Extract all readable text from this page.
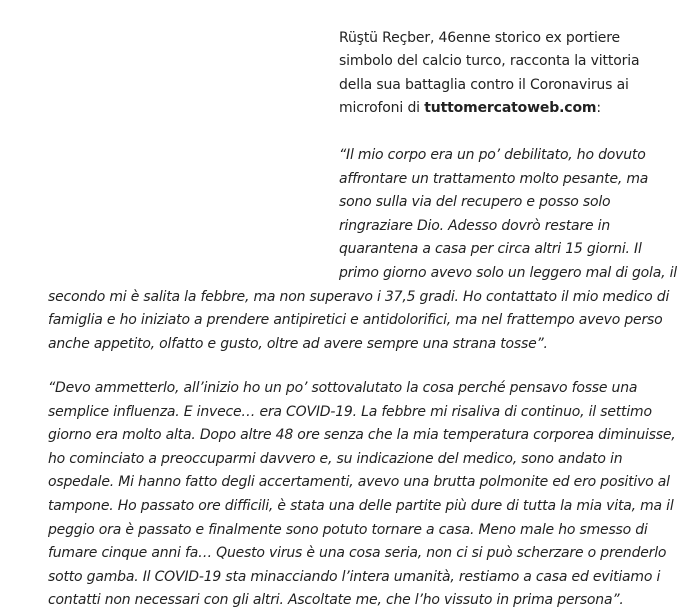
Rüştü Reçber, 46enne storico ex portiere simbolo del calcio turco, racconta la vittoria della sua battaglia contro il Coronavirus ai microfoni di tuttomercatoweb.com:

“Il mio corpo era un po’ debilitato, ho dovuto affrontare un trattamento molto pesante, ma sono sulla via del recupero e posso solo ringraziare Dio. Adesso dovrò restare in quarantena a casa per circa altri 15 giorni. Il primo giorno avevo solo un leggero mal di gola, il secondo mi è salita la febbre, ma non superavo i 37,5 gradi. Ho contattato il mio medico di famiglia e ho iniziato a prendere antipiretici e antidolorifici, ma nel frattempo avevo perso anche appetito, olfatto e gusto, oltre ad avere sempre una strana tosse”.

“Devo ammetterlo, all’inizio ho un po’ sottovalutato la cosa perché pensavo fosse una semplice influenza. E invece… era COVID-19. La febbre mi risaliva di continuo, il settimo giorno era molto alta. Dopo altre 48 ore senza che la mia temperatura corporea diminuisse, ho cominciato a preoccuparmi davvero e, su indicazione del medico, sono andato in ospedale. Mi hanno fatto degli accertamenti, avevo una brutta polmonite ed ero positivo al tampone. Ho passato ore difficili, è stata una delle partite più dure di tutta la mia vita, ma il peggio ora è passato e finalmente sono potuto tornare a casa. Meno male ho smesso di fumare cinque anni fa… Questo virus è una cosa seria, non ci si può scherzare o prenderlo sotto gamba. Il COVID-19 sta minacciando l’intera umanità, restiamo a casa ed evitiamo i contatti non necessari con gli altri. Ascoltate me, che l’ho vissuto in prima persona”.
